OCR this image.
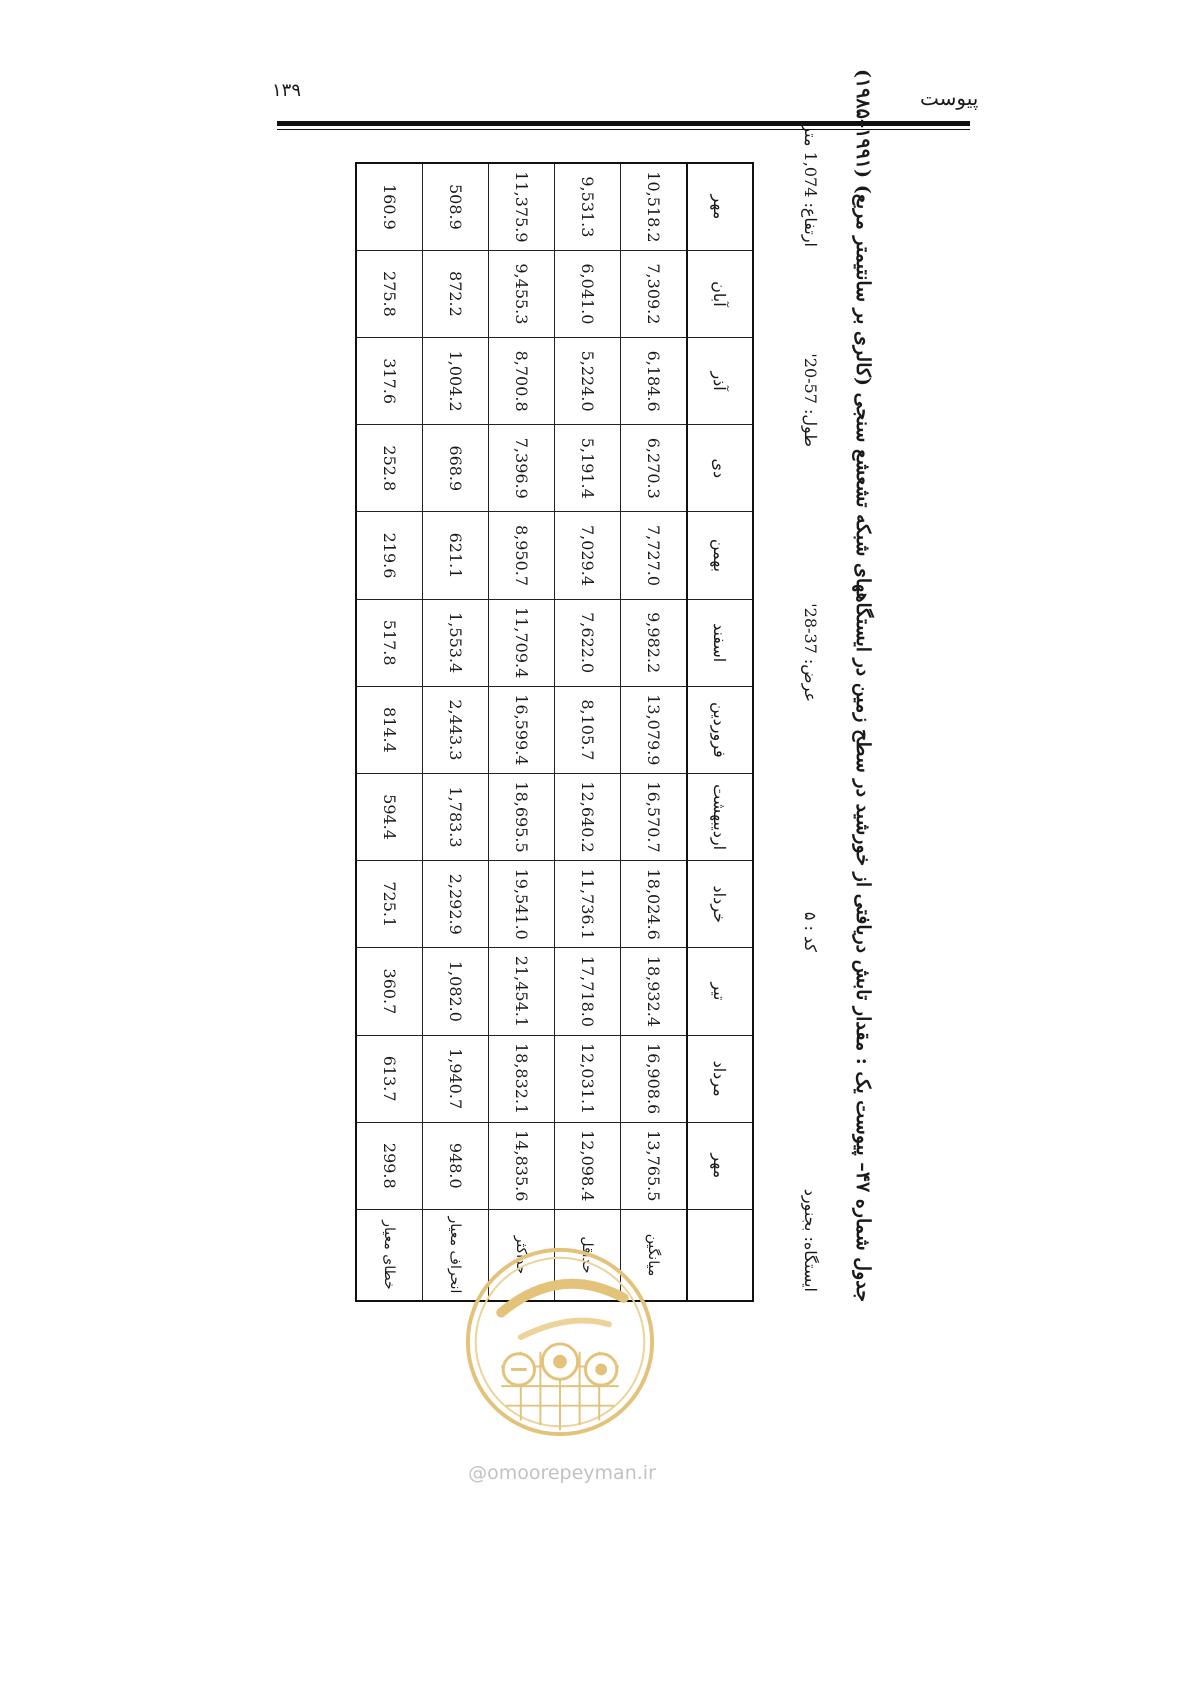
۱۳۹	پیوست
جدول شماره ۴۷– پیوست یک : مقدار تابش دریافتی از خورشید در سطح زمین در ایستگاههای شبکه تشعشع سنجی (کالری بر سانتیمتر مربع) (۱۹۹۱–۱۹۸۵)
ایستگاه: بجنورد
کد : ۵
عرض: 37-28'
طول: 57-20'
ارتفاع: 1,074 متر
	مهر	مرداد	تیر	خرداد	اردیبهشت	فروردین	اسفند	بهمن	دی	آذر	آبان	مهر
میانگین	13,765.5	16,908.6	18,932.4	18,024.6	16,570.7	13,079.9	9,982.2	7,727.0	6,270.3	6,184.6	7,309.2	10,518.2
حداقل	12,098.4	12,031.1	17,718.0	11,736.1	12,640.2	8,105.7	7,622.0	7,029.4	5,191.4	5,224.0	6,041.0	9,531.3
حداکثر	14,835.6	18,832.1	21,454.1	19,541.0	18,695.5	16,599.4	11,709.4	8,950.7	7,396.9	8,700.8	9,455.3	11,375.9
انحراف معیار	948.0	1,940.7	1,082.0	2,292.9	1,783.3	2,443.3	1,553.4	621.1	668.9	1,004.2	872.2	508.9
خطای معیار	299.8	613.7	360.7	725.1	594.4	814.4	517.8	219.6	252.8	317.6	275.8	160.9
@omoorepeyman.ir
